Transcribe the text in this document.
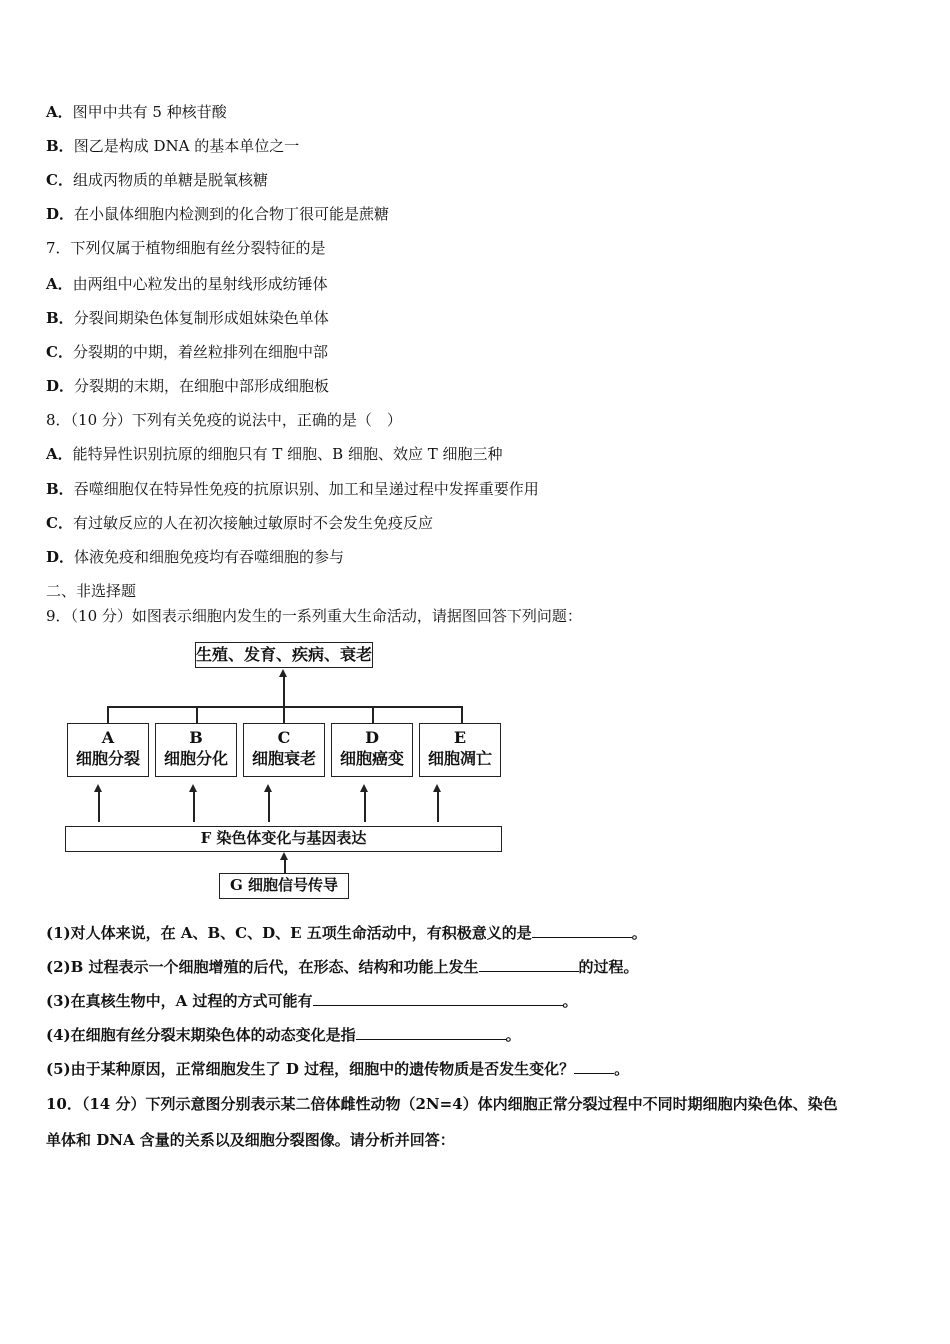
A．图甲中共有 5 种核苷酸
B．图乙是构成 DNA 的基本单位之一
C．组成丙物质的单糖是脱氧核糖
D．在小鼠体细胞内检测到的化合物丁很可能是蔗糖
7．下列仅属于植物细胞有丝分裂特征的是
A．由两组中心粒发出的星射线形成纺锤体
B．分裂间期染色体复制形成姐妹染色单体
C．分裂期的中期，着丝粒排列在细胞中部
D．分裂期的末期，在细胞中部形成细胞板
8．（10 分）下列有关免疫的说法中，正确的是（　）
A．能特异性识别抗原的细胞只有 T 细胞、B 细胞、效应 T 细胞三种
B．吞噬细胞仅在特异性免疫的抗原识别、加工和呈递过程中发挥重要作用
C．有过敏反应的人在初次接触过敏原时不会发生免疫反应
D．体液免疫和细胞免疫均有吞噬细胞的参与
二、非选择题
9．（10 分）如图表示细胞内发生的一系列重大生命活动，请据图回答下列问题：
生殖、发育、疾病、衰老
A
细胞分裂
B
细胞分化
C
细胞衰老
D
细胞癌变
E
细胞凋亡
F 染色体变化与基因表达
G 细胞信号传导
(1)对人体来说，在 A、B、C、D、E 五项生命活动中，有积极意义的是	。
(2)B 过程表示一个细胞增殖的后代，在形态、结构和功能上发生	的过程。
(3)在真核生物中，A 过程的方式可能有	。
(4)在细胞有丝分裂末期染色体的动态变化是指	。
(5)由于某种原因，正常细胞发生了 D 过程，细胞中的遗传物质是否发生变化？	。
10．（14 分）下列示意图分别表示某二倍体雌性动物（2N=4）体内细胞正常分裂过程中不同时期细胞内染色体、染色
单体和 DNA 含量的关系以及细胞分裂图像。请分析并回答：
